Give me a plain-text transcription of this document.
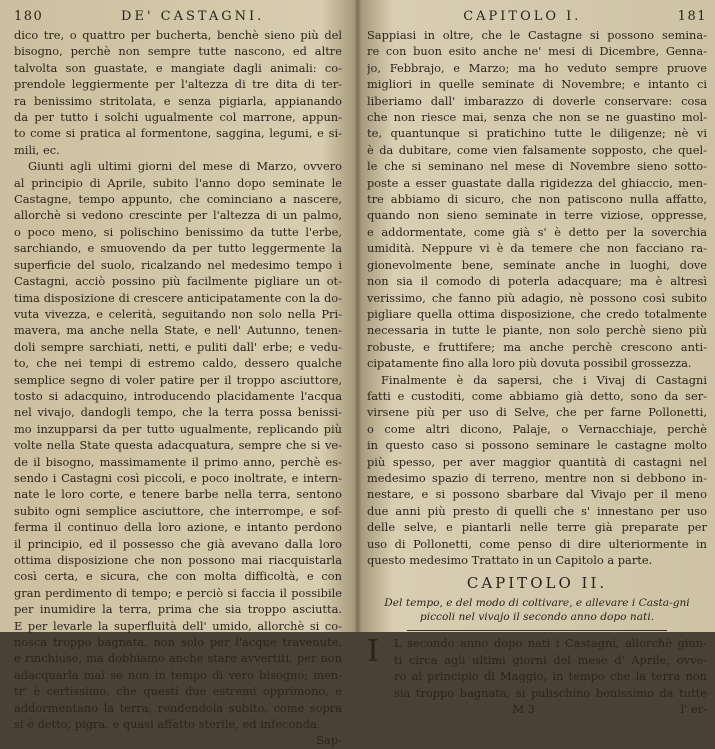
180	DE' CASTAGNI.
dico tre, o quattro per bucherta, benchè sieno più del
bisogno, perchè non sempre tutte nascono, ed altre
talvolta son guastate, e mangiate dagli animali: co-
prendole leggiermente per l'altezza di tre dita di ter-
ra benissimo stritolata, e senza pigiarla, appianando
da per tutto i solchi ugualmente col marrone, appun-
to come si pratica al formentone, saggina, legumi, e si-
mili, ec.
Giunti agli ultimi giorni del mese di Marzo, ovvero
al principio di Aprile, subito l'anno dopo seminate le
Castagne, tempo appunto, che cominciano a nascere,
allorchè si vedono crescinte per l'altezza di un palmo,
o poco meno, si polischino benissimo da tutte l'erbe,
sarchiando, e smuovendo da per tutto leggermente la
superficie del suolo, ricalzando nel medesimo tempo i
Castagni, acciò possino più facilmente pigliare un ot-
tima disposizione di crescere anticipatamente con la do-
vuta vivezza, e celerità, seguitando non solo nella Pri-
mavera, ma anche nella State, e nell' Autunno, tenen-
doli sempre sarchiati, netti, e puliti dall' erbe; e vedu-
to, che nei tempi di estremo caldo, dessero qualche
semplice segno di voler patire per il troppo asciuttore,
tosto si adacquino, introducendo placidamente l'acqua
nel vivajo, dandogli tempo, che la terra possa benissi-
mo inzupparsi da per tutto ugualmente, replicando più
volte nella State questa adacquatura, sempre che si ve-
de il bisogno, massimamente il primo anno, perchè es-
sendo i Castagni così piccoli, e poco inoltrate, e intern-
nate le loro corte, e tenere barbe nella terra, sentono
subito ogni semplice asciuttore, che interrompe, e sof-
ferma il continuo della loro azione, e intanto perdono
il principio, ed il possesso che già avevano dalla loro
ottima disposizione che non possono mai riacquistarla
così certa, e sicura, che con molta difficoltà, e con
gran perdimento di tempo; e perciò si faccia il possibile
per inumidire la terra, prima che sia troppo asciutta.
E per levarle la superfluità dell' umido, allorchè si co-
nosca troppo bagnata, non solo per l'acque travenute,
e rinchiuse, ma dobbiamo anche stare avvertiti, per non
adacquarla mai se non in tempo di vero bisogno; men-
tr' è certissimo, che questi due estremi opprimono, e
addormentano la terra, rendendola subito, come sopra
si è detto, pigra, e quasi affatto sterile, ed infeconda.
Sap-
CAPITOLO I.	181
Sappiasi in oltre, che le Castagne si possono semina-
re con buon esito anche ne' mesi di Dicembre, Genna-
jo, Febbrajo, e Marzo; ma ho veduto sempre pruove
migliori in quelle seminate di Novembre; e intanto ci
liberiamo dall' imbarazzo di doverle conservare: cosa
che non riesce mai, senza che non se ne guastino mol-
te, quantunque si pratichino tutte le diligenze; nè vi
è da dubitare, come vien falsamente sopposto, che quel-
le che si seminano nel mese di Novembre sieno sotto-
poste a esser guastate dalla rigidezza del ghiaccio, men-
tre abbiamo di sicuro, che non patiscono nulla affatto,
quando non sieno seminate in terre viziose, oppresse,
e addormentate, come già s' è detto per la soverchia
umidità. Neppure vi è da temere che non facciano ra-
gionevolmente bene, seminate anche in luoghi, dove
non sia il comodo di poterla adacquare; ma è altresì
verissimo, che fanno più adagio, nè possono così subito
pigliare quella ottima disposizione, che credo totalmente
necessaria in tutte le piante, non solo perchè sieno più
robuste, e fruttifere; ma anche perchè crescono anti-
cipatamente fino alla loro più dovuta possibil grossezza.
Finalmente è da sapersi, che i Vivaj di Castagni
fatti e custoditi, come abbiamo già detto, sono da ser-
virsene più per uso di Selve, che per farne Pollonetti,
o come altri dicono, Palaje, o Vernacchiaje, perchè
in questo caso si possono seminare le castagne molto
più spesso, per aver maggior quantità di castagni nel
medesimo spazio di terreno, mentre non si debbono in-
nestare, e si possono sbarbare dal Vivajo per il meno
due anni più presto di quelli che s' innestano per uso
delle selve, e piantarli nelle terre già preparate per
uso di Pollonetti, come penso di dire ulteriormente in
questo medesimo Trattato in un Capitolo a parte.
CAPITOLO II.
Del tempo, e del modo di coltivare, e allevare i Casta-gni piccoli nel vivajo il secondo anno dopo nati.
I	L secondo anno dopo nati i Castagni, allorchè giun-
ti circa agli ultimi giorni del mese d' Aprile, ovve-
ro al principio di Maggio, in tempo che la terra non
sia troppo bagnata, si pulischino benissimo da tutte
M 3	l' er-
